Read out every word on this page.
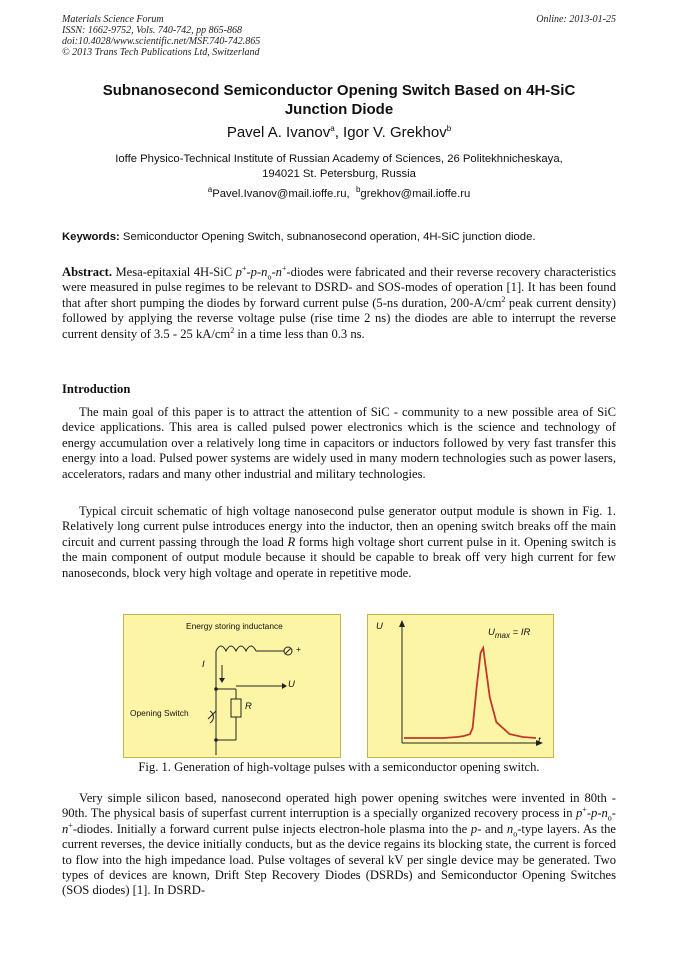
Materials Science Forum	Online: 2013-01-25
ISSN: 1662-9752, Vols. 740-742, pp 865-868
doi:10.4028/www.scientific.net/MSF.740-742.865
© 2013 Trans Tech Publications Ltd, Switzerland
Subnanosecond Semiconductor Opening Switch Based on 4H-SiC
Junction Diode
Pavel A. Ivanov$^a$, Igor V. Grekhov$^b$
Ioffe Physico-Technical Institute of Russian Academy of Sciences, 26 Politekhnicheskaya,
194021 St. Petersburg, Russia
$^a$Pavel.Ivanov@mail.ioffe.ru, $^b$grekhov@mail.ioffe.ru
Keywords: Semiconductor Opening Switch, subnanosecond operation, 4H-SiC junction diode.
Abstract. Mesa-epitaxial 4H-SiC $p^+-p-n_o-n^+$-diodes were fabricated and their reverse recovery characteristics were measured in pulse regimes to be relevant to DSRD- and SOS-modes of operation [1]. It has been found that after short pumping the diodes by forward current pulse (5-ns duration, $200-A/cm^2$ peak current density) followed by applying the reverse voltage pulse (rise time 2 ns) the diodes are able to interrupt the reverse current density of 3.5 - 25 $kA/cm^2$ in a time less than 0.3 ns.
Introduction
The main goal of this paper is to attract the attention of SiC - community to a new possible area of SiC device applications. This area is called pulsed power electronics which is the science and technology of energy accumulation over a relatively long time in capacitors or inductors followed by very fast transfer this energy into a load. Pulsed power systems are widely used in many modern technologies such as power lasers, accelerators, radars and many other industrial and military technologies.
Typical circuit schematic of high voltage nanosecond pulse generator output module is shown in Fig. 1. Relatively long current pulse introduces energy into the inductor, then an opening switch breaks off the main circuit and current passing through the load R forms high voltage short current pulse in it. Opening switch is the main component of output module because it should be capable to break off very high current for few nanoseconds, block very high voltage and operate in repetitive mode.
Energy storing inductance
+
I
U
R
Opening Switch
U
t
$U_{max}$ = IR
Fig. 1. Generation of high-voltage pulses with a semiconductor opening switch.
Very simple silicon based, nanosecond operated high power opening switches were invented in 80th - 90th. The physical basis of superfast current interruption is a specially organized recovery process in $p^+-p-n_o-n^+$-diodes. Initially a forward current pulse injects electron-hole plasma into the p- and $n_o$-type layers. As the current reverses, the device initially conducts, but as the device regains its blocking state, the current is forced to flow into the high impedance load. Pulse voltages of several kV per single device may be generated. Two types of devices are known, Drift Step Recovery Diodes (DSRDs) and Semiconductor Opening Switches (SOS diodes) [1]. In DSRD-
